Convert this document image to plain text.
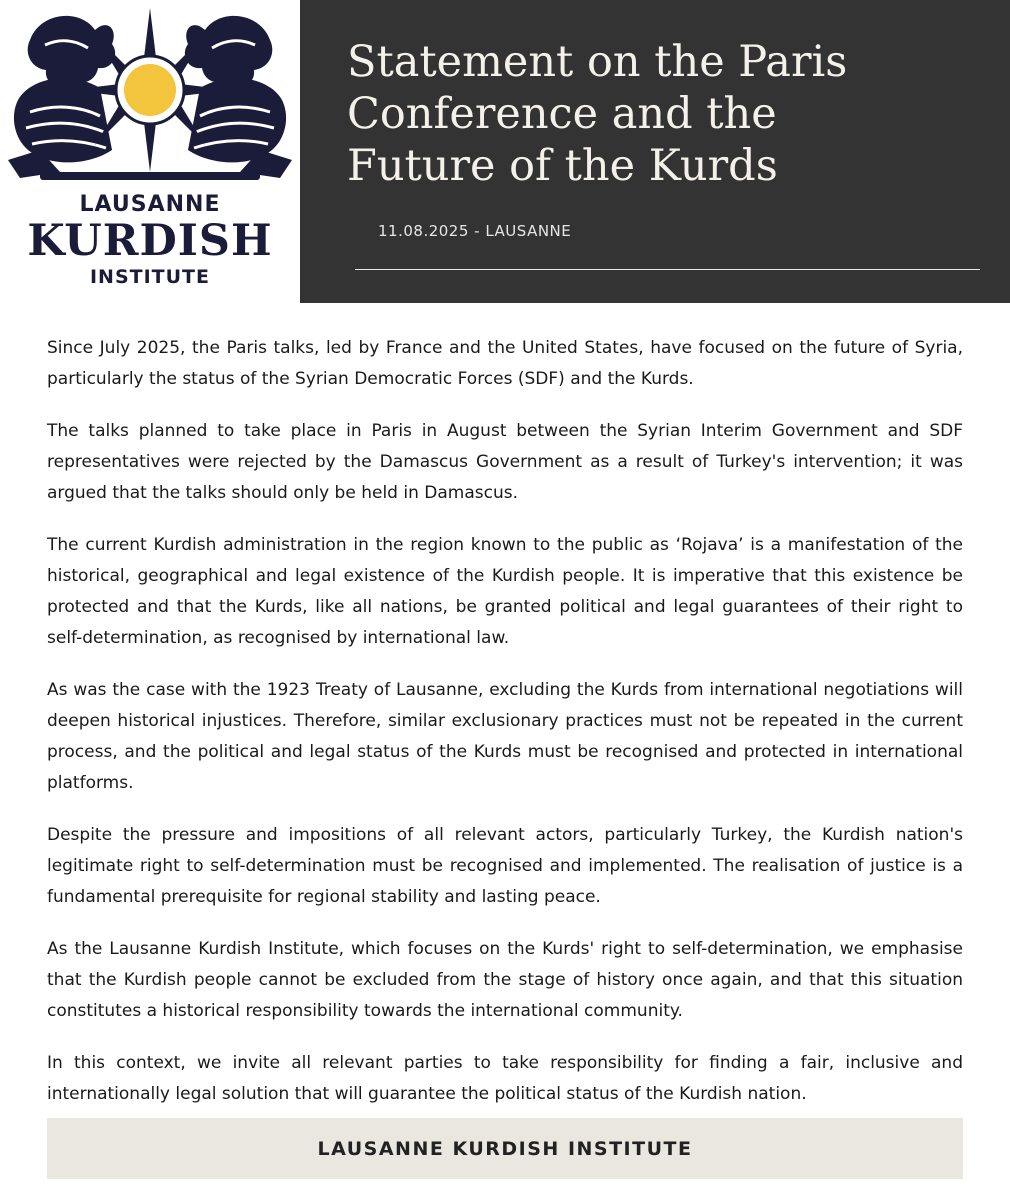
LAUSANNE
KURDISH
INSTITUTE
Statement on the Paris Conference and the Future of the Kurds
11.08.2025 - LAUSANNE

Since July 2025, the Paris talks, led by France and the United States, have focused on the future of Syria, particularly the status of the Syrian Democratic Forces (SDF) and the Kurds.

The talks planned to take place in Paris in August between the Syrian Interim Government and SDF representatives were rejected by the Damascus Government as a result of Turkey's intervention; it was argued that the talks should only be held in Damascus.

The current Kurdish administration in the region known to the public as ‘Rojava’ is a manifestation of the historical, geographical and legal existence of the Kurdish people. It is imperative that this existence be protected and that the Kurds, like all nations, be granted political and legal guarantees of their right to self-determination, as recognised by international law.

As was the case with the 1923 Treaty of Lausanne, excluding the Kurds from international negotiations will deepen historical injustices. Therefore, similar exclusionary practices must not be repeated in the current process, and the political and legal status of the Kurds must be recognised and protected in international platforms.

Despite the pressure and impositions of all relevant actors, particularly Turkey, the Kurdish nation's legitimate right to self-determination must be recognised and implemented. The realisation of justice is a fundamental prerequisite for regional stability and lasting peace.

As the Lausanne Kurdish Institute, which focuses on the Kurds' right to self-determination, we emphasise that the Kurdish people cannot be excluded from the stage of history once again, and that this situation constitutes a historical responsibility towards the international community.

In this context, we invite all relevant parties to take responsibility for finding a fair, inclusive and internationally legal solution that will guarantee the political status of the Kurdish nation.

LAUSANNE KURDISH INSTITUTE
